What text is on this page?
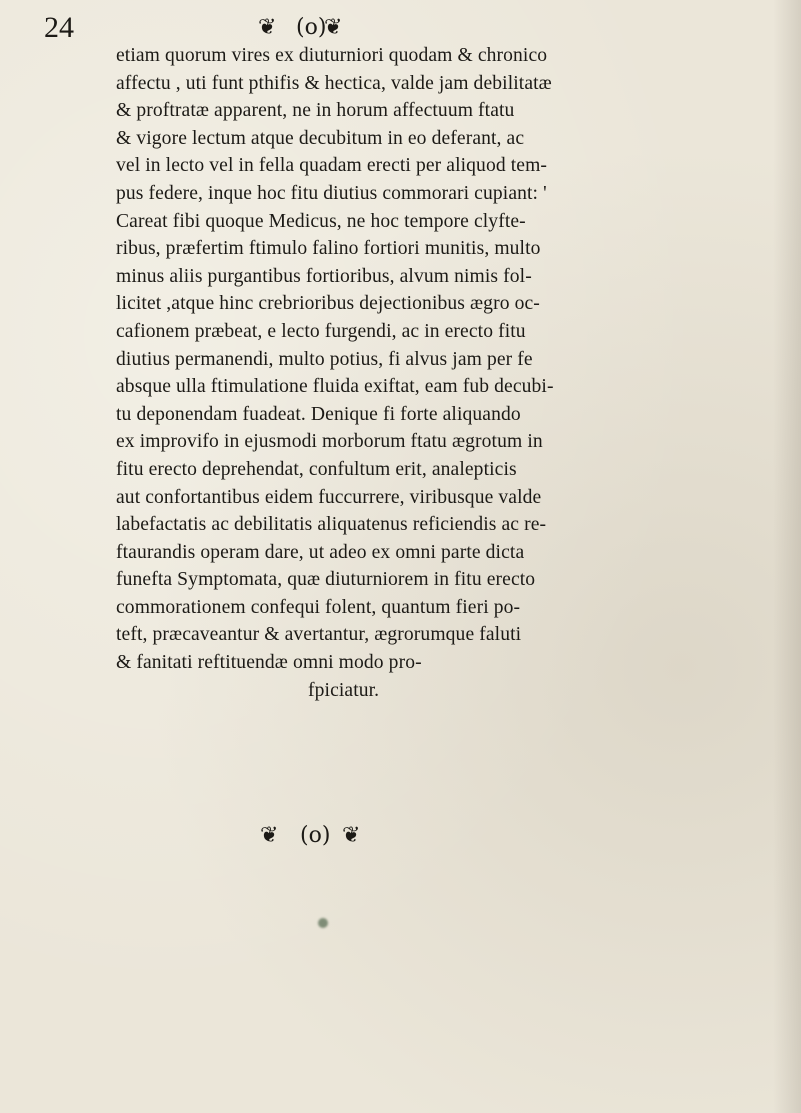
24	❦ (o)
❦
etiam quorum vires ex diuturniori quodam & chronico
affectu , uti funt pthifis & hectica, valde jam debilitatæ
& proftratæ apparent, ne in horum affectuum ftatu
& vigore lectum atque decubitum in eo deferant, ac
vel in lecto vel in fella quadam erecti per aliquod tem-
pus federe, inque hoc fitu diutius commorari cupiant: '
Careat fibi quoque Medicus, ne hoc tempore clyfte-
ribus, præfertim ftimulo falino fortiori munitis, multo
minus aliis purgantibus fortioribus, alvum nimis fol-
licitet ,atque hinc crebrioribus dejectionibus ægro oc-
cafionem præbeat, e lecto furgendi, ac in erecto fitu
diutius permanendi, multo potius, fi alvus jam per fe
absque ulla ftimulatione fluida exiftat, eam fub decubi-
tu deponendam fuadeat. Denique fi forte aliquando
ex improvifo in ejusmodi morborum ftatu ægrotum in
fitu erecto deprehendat, confultum erit, analepticis
aut confortantibus eidem fuccurrere, viribusque valde
labefactatis ac debilitatis aliquatenus reficiendis ac re-
ftaurandis operam dare, ut adeo ex omni parte dicta
funefta Symptomata, quæ diuturniorem in fitu erecto
commorationem confequi folent, quantum fieri po-
teft, præcaveantur & avertantur, ægrorumque faluti
& fanitati reftituendæ omni modo pro-
fpiciatur.
❦ (o) ❦
